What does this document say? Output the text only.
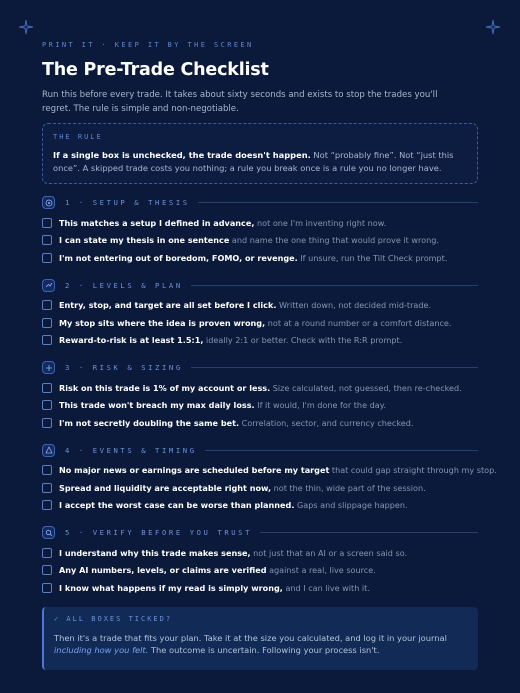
PRINT IT · KEEP IT BY THE SCREEN
The Pre-Trade Checklist

Run this before every trade. It takes about sixty seconds and exists to stop the trades you'll regret. The rule is simple and non-negotiable.

THE RULE
If a single box is unchecked, the trade doesn't happen. Not “probably fine”. Not “just this once”. A skipped trade costs you nothing; a rule you break once is a rule you no longer have.
1 · SETUP & THESIS
This matches a setup I defined in advance, not one I'm inventing right now.
I can state my thesis in one sentence and name the one thing that would prove it wrong.
I'm not entering out of boredom, FOMO, or revenge. If unsure, run the Tilt Check prompt.
2 · LEVELS & PLAN
Entry, stop, and target are all set before I click. Written down, not decided mid-trade.
My stop sits where the idea is proven wrong, not at a round number or a comfort distance.
Reward-to-risk is at least 1.5:1, ideally 2:1 or better. Check with the R:R prompt.
3 · RISK & SIZING
Risk on this trade is 1% of my account or less. Size calculated, not guessed, then re-checked.
This trade won't breach my max daily loss. If it would, I'm done for the day.
I'm not secretly doubling the same bet. Correlation, sector, and currency checked.
4 · EVENTS & TIMING
No major news or earnings are scheduled before my target that could gap straight through my stop.
Spread and liquidity are acceptable right now, not the thin, wide part of the session.
I accept the worst case can be worse than planned. Gaps and slippage happen.
5 · VERIFY BEFORE YOU TRUST
I understand why this trade makes sense, not just that an AI or a screen said so.
Any AI numbers, levels, or claims are verified against a real, live source.
I know what happens if my read is simply wrong, and I can live with it.
✓ ALL BOXES TICKED?
Then it's a trade that fits your plan. Take it at the size you calculated, and log it in your journal including how you felt. The outcome is uncertain. Following your process isn't.
